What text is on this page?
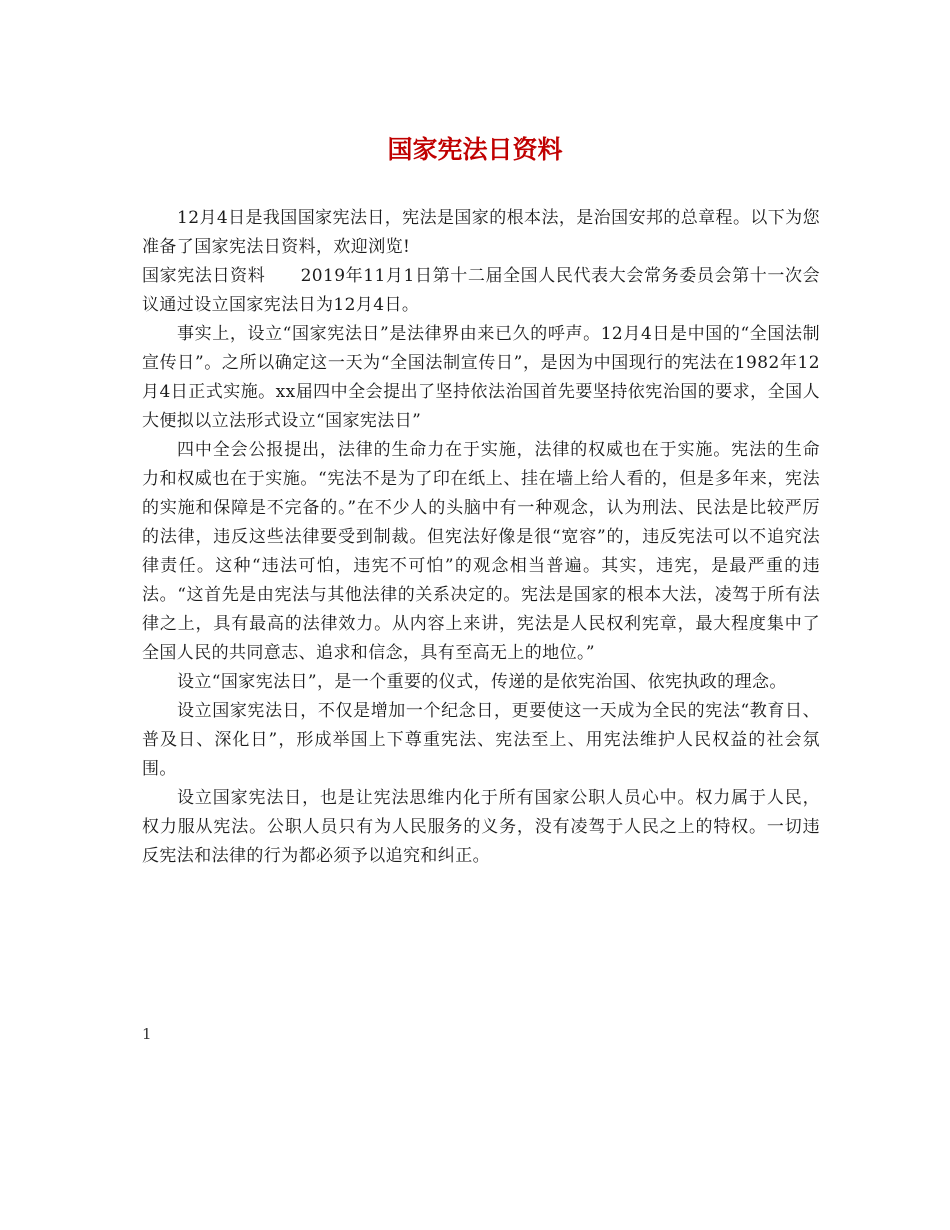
国家宪法日资料

12月4日是我国国家宪法日，宪法是国家的根本法，是治国安邦的总章程。以下为您准备了国家宪法日资料，欢迎浏览!

国家宪法日资料　　2019年11月1日第十二届全国人民代表大会常务委员会第十一次会议通过设立国家宪法日为12月4日。

事实上，设立“国家宪法日”是法律界由来已久的呼声。12月4日是中国的“全国法制宣传日”。之所以确定这一天为“全国法制宣传日”，是因为中国现行的宪法在1982年12月4日正式实施。xx届四中全会提出了坚持依法治国首先要坚持依宪治国的要求，全国人大便拟以立法形式设立“国家宪法日”

四中全会公报提出，法律的生命力在于实施，法律的权威也在于实施。宪法的生命力和权威也在于实施。“宪法不是为了印在纸上、挂在墙上给人看的，但是多年来，宪法的实施和保障是不完备的。”在不少人的头脑中有一种观念，认为刑法、民法是比较严厉的法律，违反这些法律要受到制裁。但宪法好像是很“宽容”的，违反宪法可以不追究法律责任。这种“违法可怕，违宪不可怕”的观念相当普遍。其实，违宪，是最严重的违法。“这首先是由宪法与其他法律的关系决定的。宪法是国家的根本大法，凌驾于所有法律之上，具有最高的法律效力。从内容上来讲，宪法是人民权利宪章，最大程度集中了全国人民的共同意志、追求和信念，具有至高无上的地位。”

设立“国家宪法日”，是一个重要的仪式，传递的是依宪治国、依宪执政的理念。

设立国家宪法日，不仅是增加一个纪念日，更要使这一天成为全民的宪法“教育日、普及日、深化日”，形成举国上下尊重宪法、宪法至上、用宪法维护人民权益的社会氛围。

设立国家宪法日，也是让宪法思维内化于所有国家公职人员心中。权力属于人民，权力服从宪法。公职人员只有为人民服务的义务，没有凌驾于人民之上的特权。一切违反宪法和法律的行为都必须予以追究和纠正。

1
